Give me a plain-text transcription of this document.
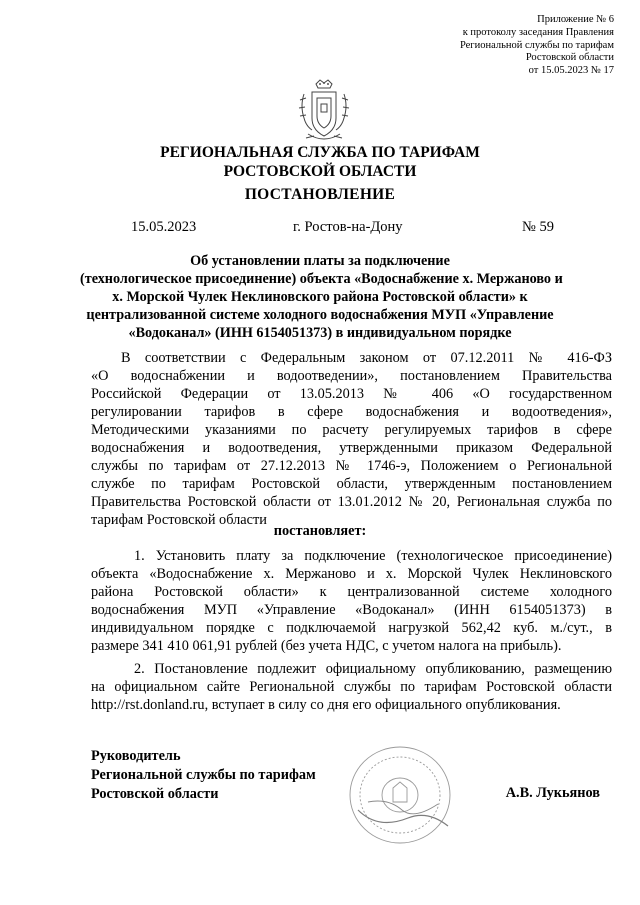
Приложение № 6
к протоколу заседания Правления
Региональной службы по тарифам
Ростовской области
от 15.05.2023 № 17
РЕГИОНАЛЬНАЯ СЛУЖБА ПО ТАРИФАМ
РОСТОВСКОЙ ОБЛАСТИ
ПОСТАНОВЛЕНИЕ
15.05.2023	г. Ростов-на-Дону	№ 59
Об установлении платы за подключение
(технологическое присоединение) объекта «Водоснабжение х. Мержаново и
х. Морской Чулек Неклиновского района Ростовской области» к
централизованной системе холодного водоснабжения МУП «Управление
«Водоканал» (ИНН 6154051373) в индивидуальном порядке
В соответствии с Федеральным законом от 07.12.2011 № 416-ФЗ
«О водоснабжении и водоотведении», постановлением Правительства
Российской Федерации от 13.05.2013 № 406 «О государственном
регулировании тарифов в сфере водоснабжения и водоотведения»,
Методическими указаниями по расчету регулируемых тарифов в сфере
водоснабжения и водоотведения, утвержденными приказом Федеральной
службы по тарифам от 27.12.2013 № 1746-э, Положением о Региональной
службе по тарифам Ростовской области, утвержденным постановлением
Правительства Ростовской области от 13.01.2012 № 20, Региональная служба по
тарифам Ростовской области
постановляет:
1. Установить плату за подключение (технологическое присоединение)
объекта «Водоснабжение х. Мержаново и х. Морской Чулек Неклиновского
района Ростовской области» к централизованной системе холодного
водоснабжения МУП «Управление «Водоканал» (ИНН 6154051373) в
индивидуальном порядке с подключаемой нагрузкой 562,42 куб. м./сут., в
размере 341 410 061,91 рублей (без учета НДС, с учетом налога на прибыль).
2. Постановление подлежит официальному опубликованию, размещению
на официальном сайте Региональной службы по тарифам Ростовской области
http://rst.donland.ru, вступает в силу со дня его официального опубликования.
Руководитель
Региональной службы по тарифам
Ростовской области	А.В. Лукьянов
